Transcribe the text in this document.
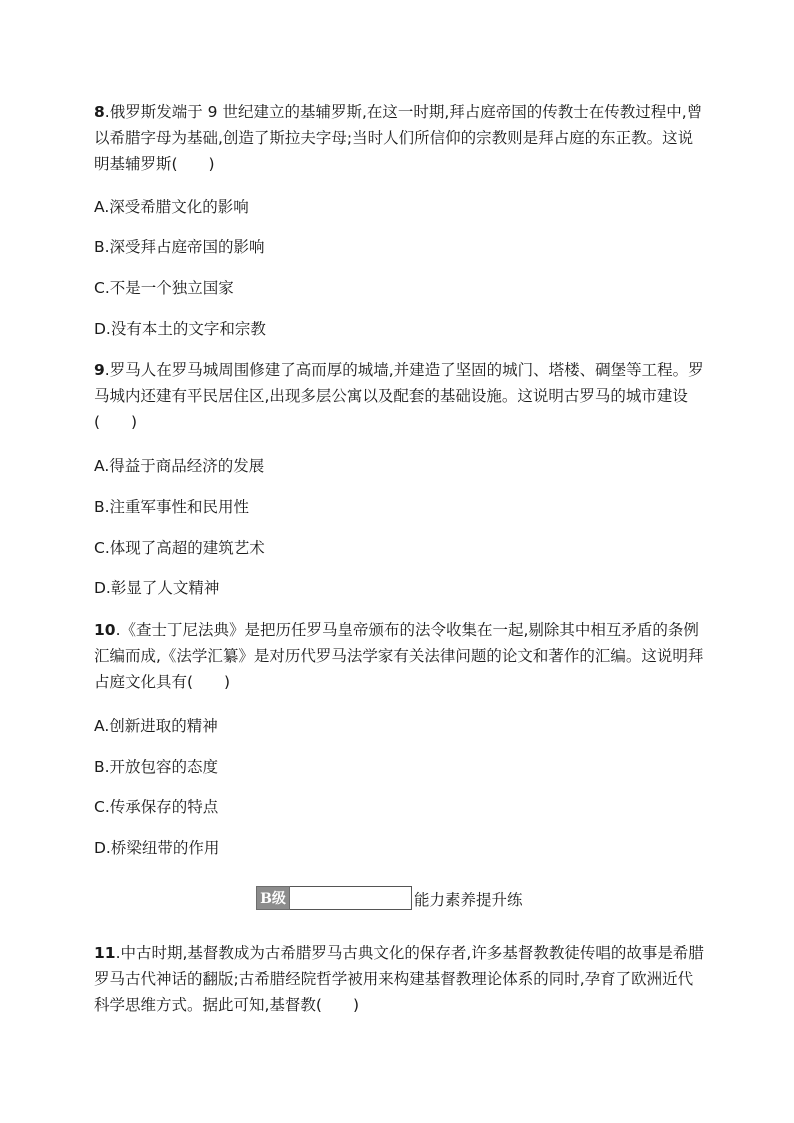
8.俄罗斯发端于 9 世纪建立的基辅罗斯,在这一时期,拜占庭帝国的传教士在传教过程中,曾以希腊字母为基础,创造了斯拉夫字母;当时人们所信仰的宗教则是拜占庭的东正教。这说明基辅罗斯(　　)
A.深受希腊文化的影响
B.深受拜占庭帝国的影响
C.不是一个独立国家
D.没有本土的文字和宗教
9.罗马人在罗马城周围修建了高而厚的城墙,并建造了坚固的城门、塔楼、碉堡等工程。罗马城内还建有平民居住区,出现多层公寓以及配套的基础设施。这说明古罗马的城市建设(　　)
A.得益于商品经济的发展
B.注重军事性和民用性
C.体现了高超的建筑艺术
D.彰显了人文精神
10.《查士丁尼法典》是把历任罗马皇帝颁布的法令收集在一起,剔除其中相互矛盾的条例汇编而成,《法学汇纂》是对历代罗马法学家有关法律问题的论文和著作的汇编。这说明拜占庭文化具有(　　)
A.创新进取的精神
B.开放包容的态度
C.传承保存的特点
D.桥梁纽带的作用
B级	能力素养提升练
11.中古时期,基督教成为古希腊罗马古典文化的保存者,许多基督教教徒传唱的故事是希腊罗马古代神话的翻版;古希腊经院哲学被用来构建基督教理论体系的同时,孕育了欧洲近代科学思维方式。据此可知,基督教(　　)
